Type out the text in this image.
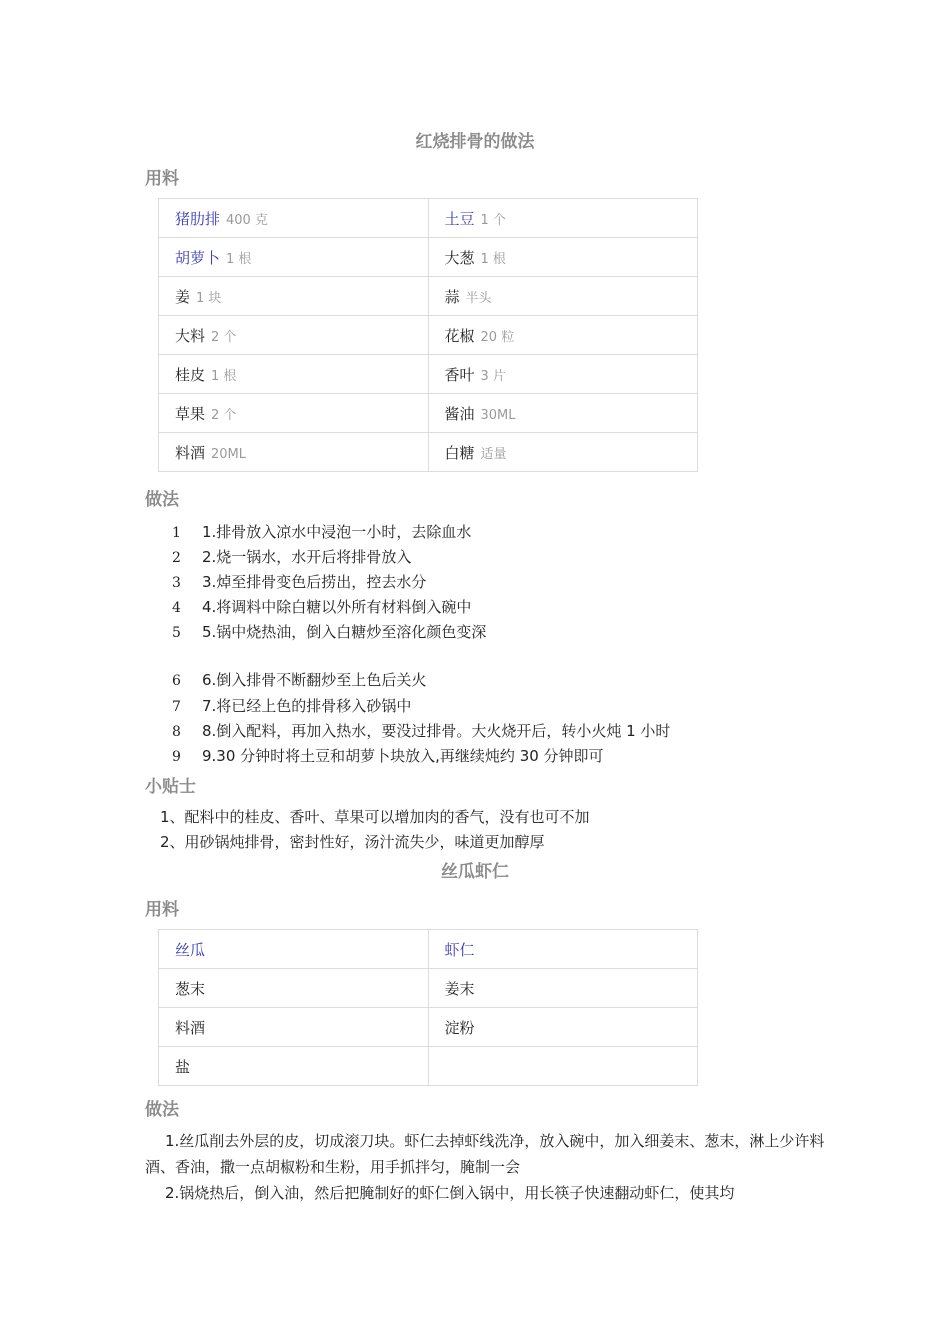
红烧排骨的做法
用料
猪肋排 400 克	土豆 1 个
胡萝卜 1 根	大葱 1 根
姜 1 块	蒜 半头
大料 2 个	花椒 20 粒
桂皮 1 根	香叶 3 片
草果 2 个	酱油 30ML
料酒 20ML	白糖 适量
做法
1 1.排骨放入凉水中浸泡一小时，去除血水
2 2.烧一锅水，水开后将排骨放入
3 3.焯至排骨变色后捞出，控去水分
4 4.将调料中除白糖以外所有材料倒入碗中
5 5.锅中烧热油，倒入白糖炒至溶化颜色变深
6 6.倒入排骨不断翻炒至上色后关火
7 7.将已经上色的排骨移入砂锅中
8 8.倒入配料，再加入热水，要没过排骨。大火烧开后，转小火炖 1 小时
9 9.30 分钟时将土豆和胡萝卜块放入,再继续炖约 30 分钟即可
小贴士
1、配料中的桂皮、香叶、草果可以增加肉的香气，没有也可不加
2、用砂锅炖排骨，密封性好，汤汁流失少，味道更加醇厚
丝瓜虾仁
用料
丝瓜	虾仁
葱末	姜末
料酒	淀粉
盐	
做法
1.丝瓜削去外层的皮，切成滚刀块。虾仁去掉虾线洗净，放入碗中，加入细姜末、葱末，淋上少许料酒、香油，撒一点胡椒粉和生粉，用手抓拌匀，腌制一会
2.锅烧热后，倒入油，然后把腌制好的虾仁倒入锅中，用长筷子快速翻动虾仁，使其均
